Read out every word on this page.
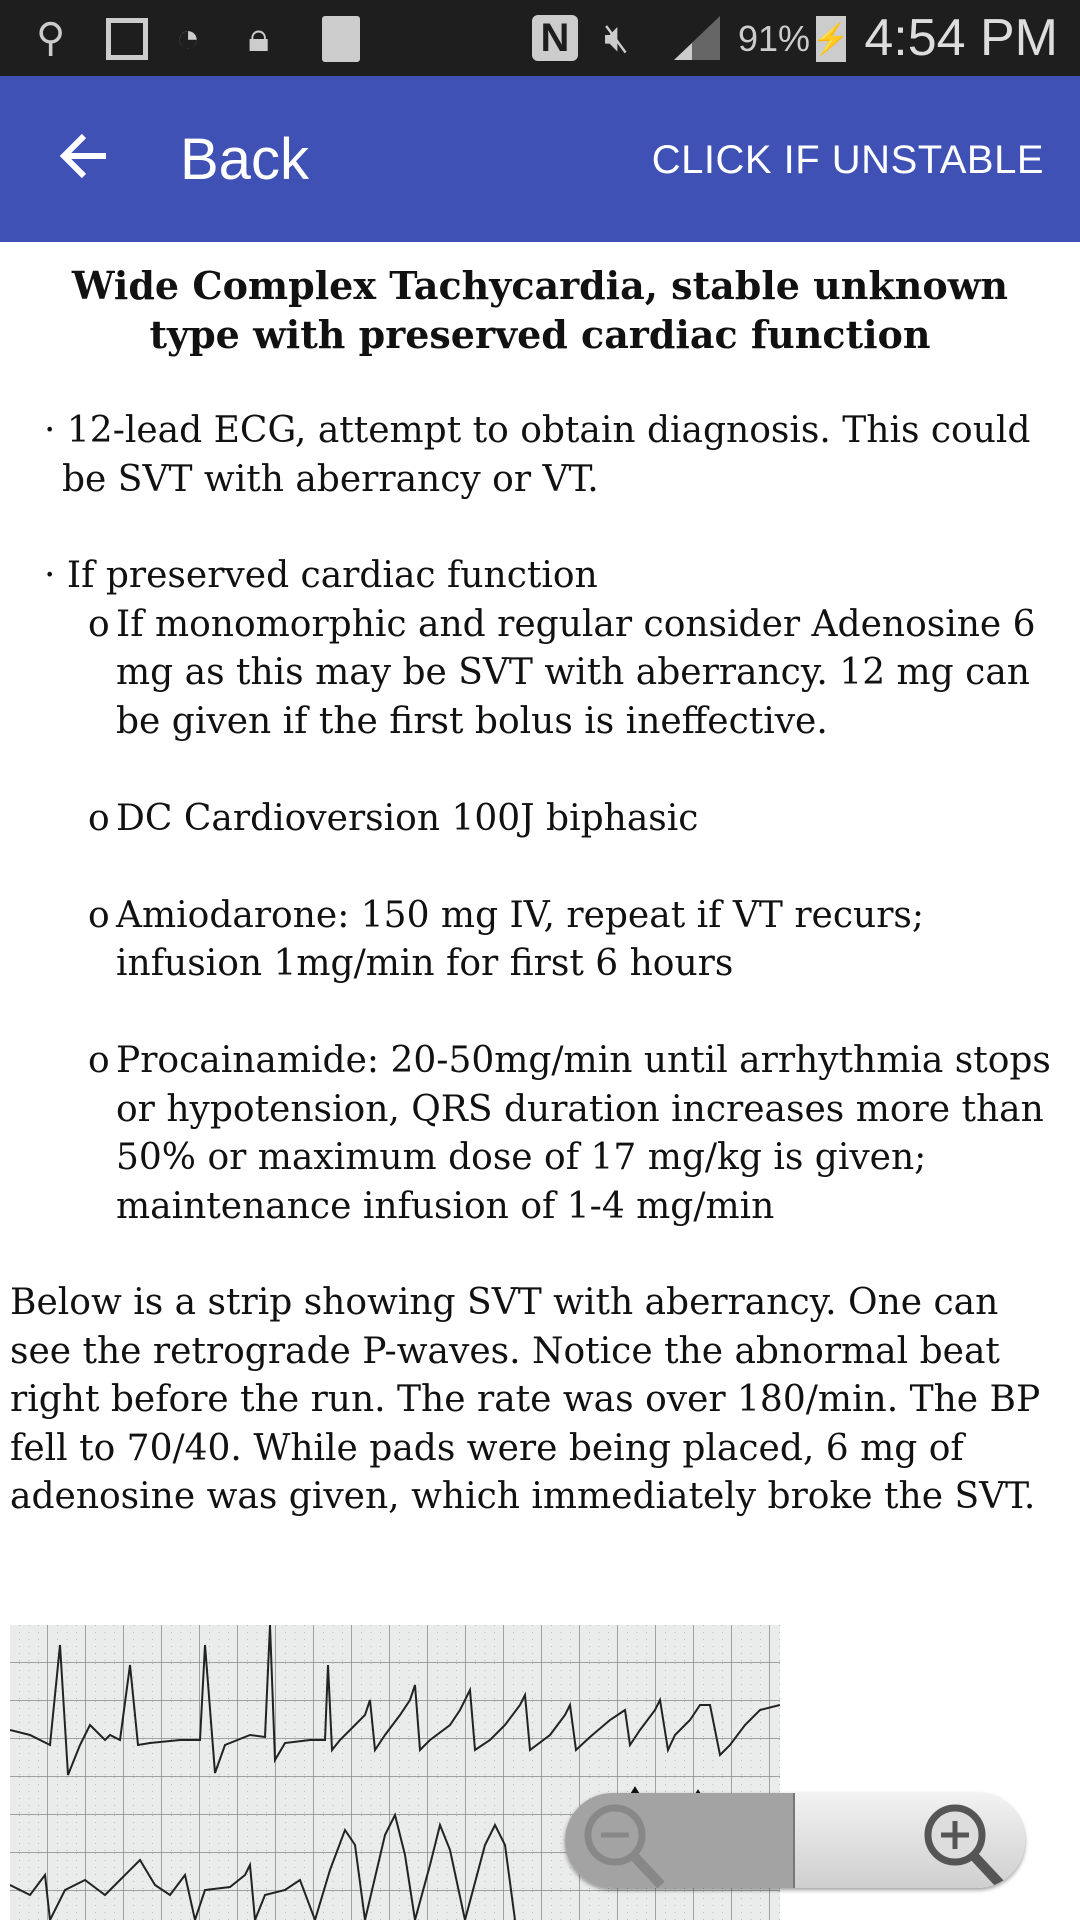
⚲	◔ 🔒︎	N 🔇︎	91% ⚡ 4:54 PM
Back	CLICK IF UNSTABLE
Wide Complex Tachycardia, stable unknown type with preserved cardiac function
· 12-lead ECG, attempt to obtain diagnosis. This could be SVT with aberrancy or VT.
· If preserved cardiac function
o If monomorphic and regular consider Adenosine 6 mg as this may be SVT with aberrancy. 12 mg can be given if the first bolus is ineffective.
o DC Cardioversion 100J biphasic
o Amiodarone: 150 mg IV, repeat if VT recurs; infusion 1mg/min for first 6 hours
o Procainamide: 20-50mg/min until arrhythmia stops or hypotension, QRS duration increases more than 50% or maximum dose of 17 mg/kg is given; maintenance infusion of 1-4 mg/min
Below is a strip showing SVT with aberrancy. One can see the retrograde P-waves. Notice the abnormal beat right before the run. The rate was over 180/min. The BP fell to 70/40. While pads were being placed, 6 mg of adenosine was given, which immediately broke the SVT.
